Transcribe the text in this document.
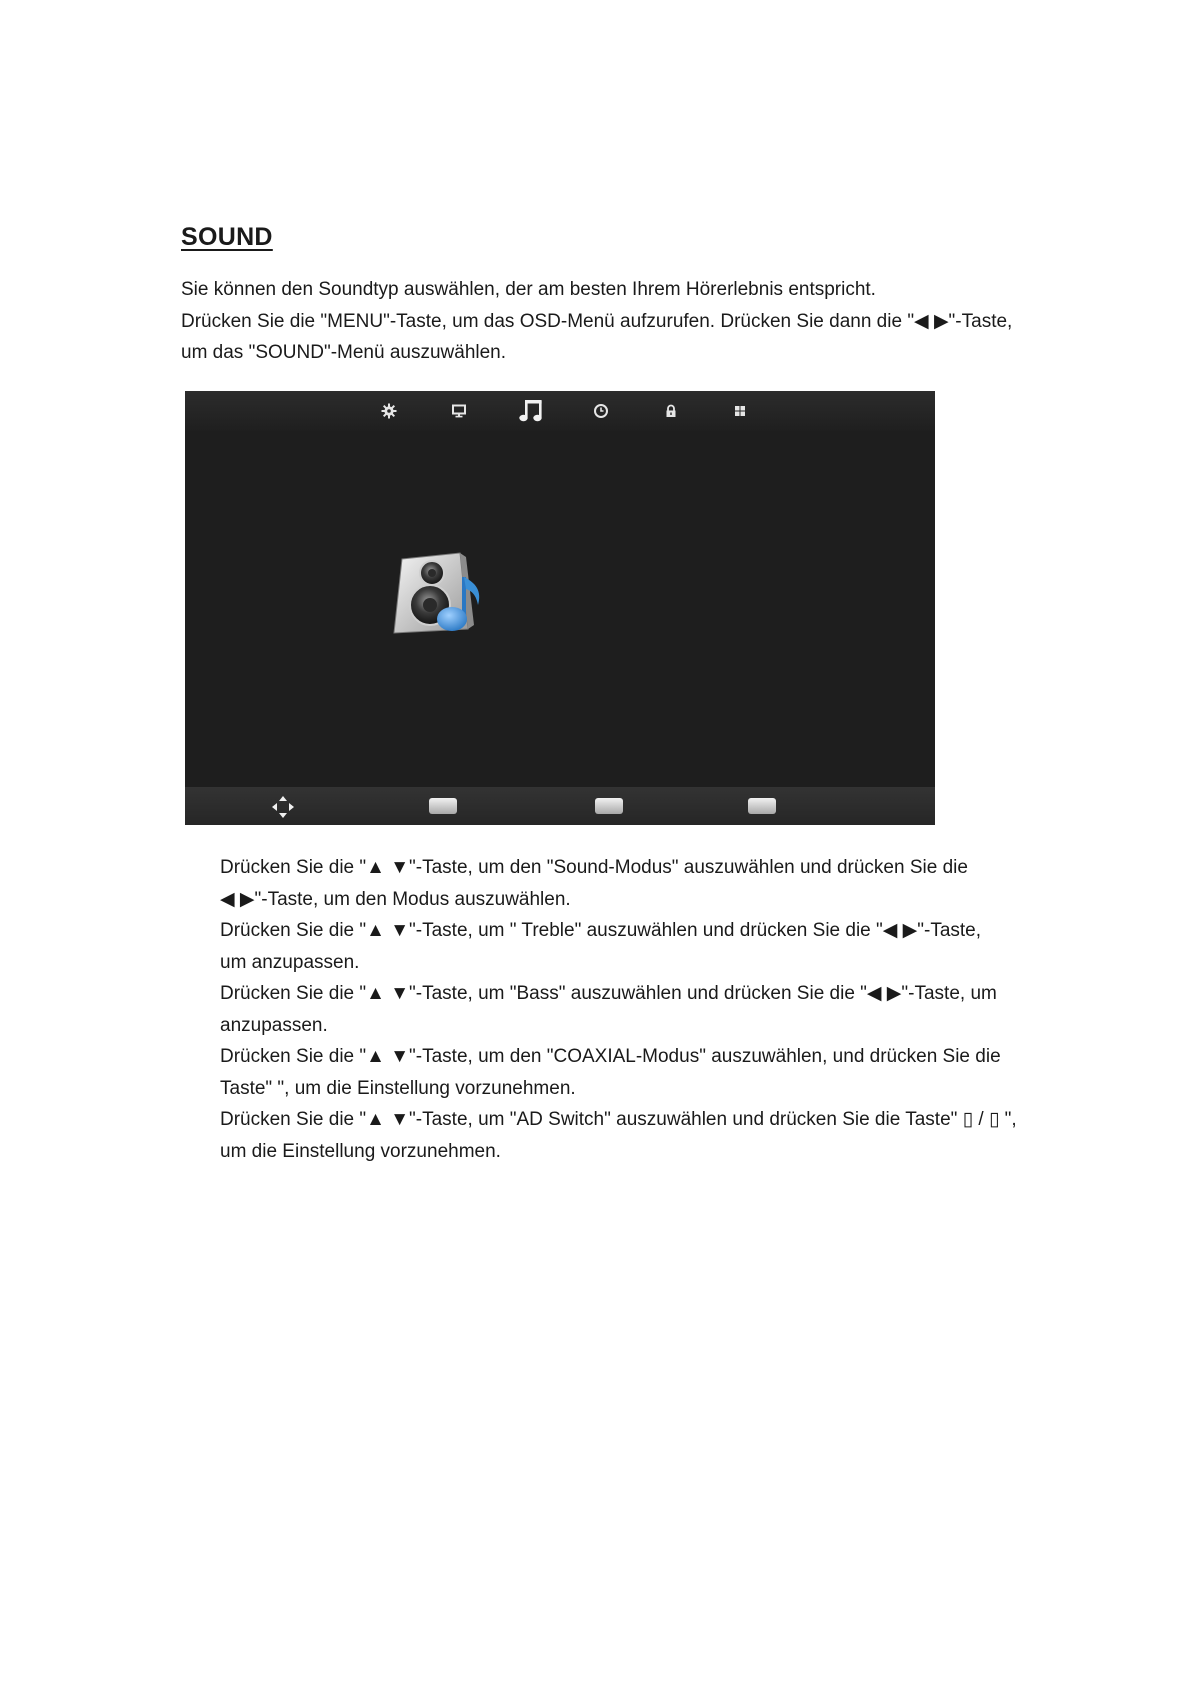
SOUND

Sie können den Soundtyp auswählen, der am besten Ihrem Hörerlebnis entspricht.

Drücken Sie die "MENU"-Taste, um das OSD-Menü aufzurufen. Drücken Sie dann die "◀ ▶"-Taste,

um das "SOUND"-Menü auszuwählen.

Drücken Sie die "▲ ▼"-Taste, um den "Sound-Modus" auszuwählen und drücken Sie die

◀ ▶"-Taste, um den Modus auszuwählen.

Drücken Sie die "▲ ▼"-Taste, um " Treble" auszuwählen und drücken Sie die "◀ ▶"-Taste,

um anzupassen.

Drücken Sie die "▲ ▼"-Taste, um "Bass" auszuwählen und drücken Sie die "◀ ▶"-Taste, um

anzupassen.

Drücken Sie die "▲ ▼"-Taste, um den "COAXIAL-Modus" auszuwählen, und drücken Sie die

Taste" ", um die Einstellung vorzunehmen.

Drücken Sie die "▲ ▼"-Taste, um "AD Switch" auszuwählen und drücken Sie die Taste" ▯ / ▯ ",

um die Einstellung vorzunehmen.
